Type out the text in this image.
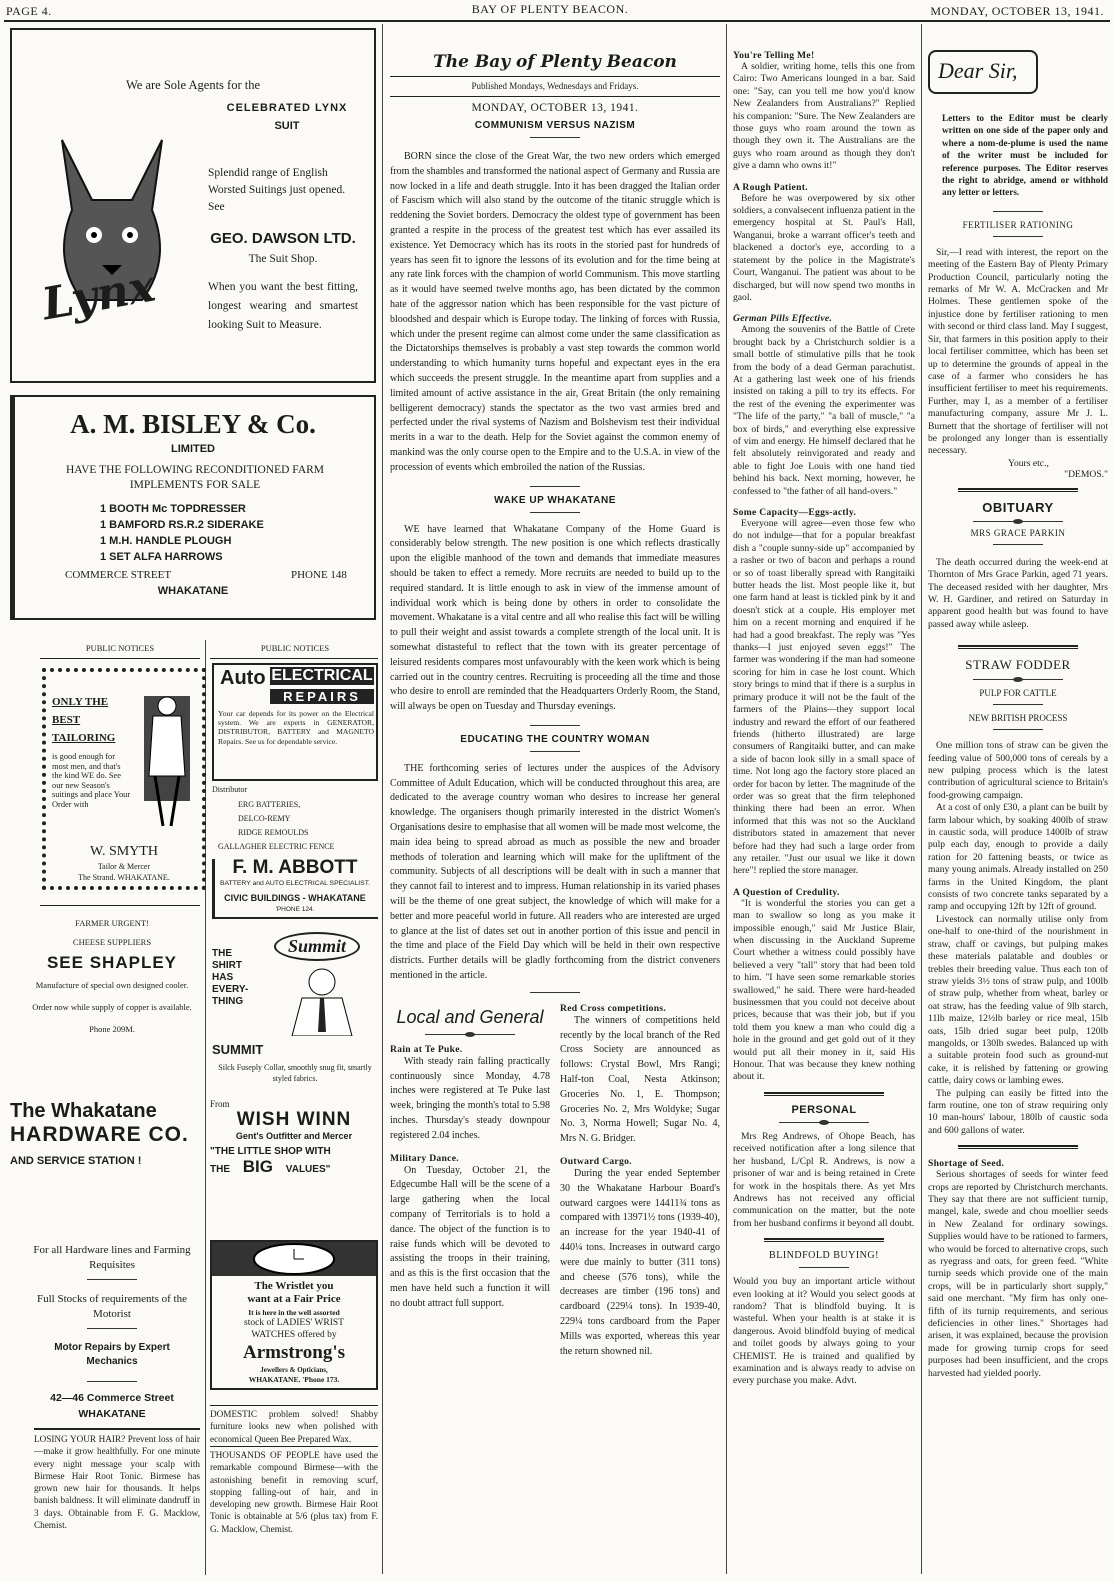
PAGE 4.	BAY OF PLENTY BEACON.	MONDAY, OCTOBER 13, 1941.
We are Sole Agents for the
CELEBRATED LYNX
SUIT
Lynx

Splendid range of English Worsted Suitings just opened. See

GEO. DAWSON LTD.
The Suit Shop.

When you want the best fitting, longest wearing and smartest looking Suit to Measure.

A. M. BISLEY & Co.
LIMITED
HAVE THE FOLLOWING RECONDITIONED FARM IMPLEMENTS FOR SALE
1 BOOTH Mc TOPDRESSER
1 BAMFORD RS.R.2 SIDERAKE
1 M.H. HANDLE PLOUGH
1 SET ALFA HARROWS
COMMERCE STREET	PHONE 148
WHAKATANE
PUBLIC NOTICES	PUBLIC NOTICES
ONLY THE
BEST
TAILORING

is good enough for most men, and that's the kind WE do. See our new Season's suitings and place Your Order with

W. SMYTH
Tailor & Mercer
The Strand. WHAKATANE.
Auto ELECTRICAL
REPAIRS

Your car depends for its power on the Electrical system. We are experts in GENERATOR, DISTRIBUTOR, BATTERY and MAGNETO Repairs. See us for dependable service.

Distributor
ERG BATTERIES,
DELCO-REMY
RIDGE REMOULDS
GALLAGHER ELECTRIC FENCE
F. M. ABBOTT
BATTERY and AUTO ELECTRICAL SPECIALIST.
CIVIC BUILDINGS - WHAKATANE
'PHONE 124.
FARMER URGENT!
CHEESE SUPPLIERS
SEE SHAPLEY
Manufacture of special own designed cooler.
Order now while supply of copper is available.
Phone 209M.
THE
SHIRT
HAS
EVERY-
THING
Summit
SUMMIT
Silck Fuseply Collar, smoothly snug fit, smartly styled fabrics.
The Whakatane
HARDWARE CO.
AND SERVICE STATION !
For all Hardware lines and Farming Requisites
Full Stocks of requirements of the Motorist
Motor Repairs by Expert Mechanics
42—46 Commerce Street
WHAKATANE

LOSING YOUR HAIR? Prevent loss of hair—make it grow healthfully. For one minute every night message your scalp with Birmese Hair Root Tonic. Birmese has grown new hair for thousands. It helps banish baldness. It will eliminate dandruff in 3 days. Obtainable from F. G. Macklow, Chemist.

From
WISH WINN
Gent's Outfitter and Mercer
"THE LITTLE SHOP WITH
THE BIG VALUES"
The Wristlet you
want at a Fair Price
It is here in the well assorted
stock of LADIES' WRIST
WATCHES offered by
Armstrong's
Jewellers & Opticians,
WHAKATANE. 'Phone 173.

DOMESTIC problem solved! Shabby furniture looks new when polished with economical Queen Bee Prepared Wax.

THOUSANDS OF PEOPLE have used the remarkable compound Birmese—with the astonishing benefit in removing scurf, stopping falling-out of hair, and in developing new growth. Birmese Hair Root Tonic is obtainable at 5/6 (plus tax) from F. G. Macklow, Chemist.

The Bay of Plenty Beacon
Published Mondays, Wednesdays and Fridays.
MONDAY, OCTOBER 13, 1941.
COMMUNISM VERSUS NAZISM

BORN since the close of the Great War, the two new orders which emerged from the shambles and transformed the national aspect of Germany and Russia are now locked in a life and death struggle. Into it has been dragged the Italian order of Fascism which will also stand by the outcome of the titanic struggle which is reddening the Soviet borders. Democracy the oldest type of government has been granted a respite in the process of the greatest test which has ever assailed its existence. Yet Democracy which has its roots in the storied past for hundreds of years has seen fit to ignore the lessons of its evolution and for the time being at any rate link forces with the champion of world Communism. This move startling as it would have seemed twelve months ago, has been dictated by the common hate of the aggressor nation which has been responsible for the vast picture of bloodshed and despair which is Europe today. The linking of forces with Russia, which under the present regime can almost come under the same classification as the Dictatorships themselves is probably a vast step towards the common world understanding to which humanity turns hopeful and expectant eyes in the era which succeeds the present struggle. In the meantime apart from supplies and a limited amount of active assistance in the air, Great Britain (the only remaining belligerent democracy) stands the spectator as the two vast armies bred and perfected under the rival systems of Nazism and Bolshevism test their individual merits in a war to the death. Help for the Soviet against the common enemy of mankind was the only course open to the Empire and to the U.S.A. in view of the procession of events which embroiled the nation of the Russias.

WAKE UP WHAKATANE

WE have learned that Whakatane Company of the Home Guard is considerably below strength. The new position is one which reflects drastically upon the eligible manhood of the town and demands that immediate measures should be taken to effect a remedy. More recruits are needed to build up to the required standard. It is little enough to ask in view of the immense amount of individual work which is being done by others in order to consolidate the movement. Whakatane is a vital centre and all who realise this fact will be willing to pull their weight and assist towards a complete strength of the local unit. It is somewhat distasteful to reflect that the town with its greater percentage of leisured residents compares most unfavourably with the keen work which is being carried out in the country centres. Recruiting is proceeding all the time and those who desire to enroll are reminded that the Headquarters Orderly Room, the Stand, will always be open on Tuesday and Thursday evenings.

EDUCATING THE COUNTRY WOMAN

THE forthcoming series of lectures under the auspices of the Advisory Committee of Adult Education, which will be conducted throughout this area, are dedicated to the average country woman who desires to increase her general knowledge. The organisers though primarily interested in the district Women's Organisations desire to emphasise that all women will be made most welcome, the main idea being to spread abroad as much as possible the new and broader methods of toleration and learning which will make for the upliftment of the community. Subjects of all descriptions will be dealt with in such a manner that they cannot fail to interest and to impress. Human relationship in its varied phases will be the theme of one great subject, the knowledge of which will make for a better and more peaceful world in future. All readers who are interested are urged to glance at the list of dates set out in another portion of this issue and pencil in the time and place of the Field Day which will be held in their own respective districts. Further details will be gladly forthcoming from the district conveners mentioned in the article.

Local and General
Rain at Te Puke.

With steady rain falling practically continuously since Monday, 4.78 inches were registered at Te Puke last week, bringing the month's total to 5.98 inches. Thursday's steady downpour registered 2.04 inches.

Military Dance.

On Tuesday, October 21, the Edgecumbe Hall will be the scene of a large gathering when the local company of Territorials is to hold a dance. The object of the function is to raise funds which will be devoted to assisting the troops in their training, and as this is the first occasion that the men have held such a function it will no doubt attract full support.

Red Cross competitions.

The winners of competitions held recently by the local branch of the Red Cross Society are announced as follows: Crystal Bowl, Mrs Rangi; Half-ton Coal, Nesta Atkinson; Groceries No. 1, E. Thompson; Groceries No. 2, Mrs Woldyke; Sugar No. 3, Norma Howell; Sugar No. 4, Mrs N. G. Bridger.

Outward Cargo.

During the year ended September 30 the Whakatane Harbour Board's outward cargoes were 14411¾ tons as compared with 13971½ tons (1939-40), an increase for the year 1940-41 of 440¼ tons. Increases in outward cargo were due mainly to butter (311 tons) and cheese (576 tons), while the decreases are timber (196 tons) and cardboard (229¼ tons). In 1939-40, 229¼ tons cardboard from the Paper Mills was exported, whereas this year the return showned nil.

You're Telling Me!

A soldier, writing home, tells this one from Cairo: Two Americans lounged in a bar. Said one: "Say, can you tell me how you'd know New Zealanders from Australians?" Replied his companion: "Sure. The New Zealanders are those guys who roam around the town as though they own it. The Australians are the guys who roam around as though they don't give a damn who owns it!"

A Rough Patient.

Before he was overpowered by six other soldiers, a convalsecent influenza patient in the emergency hospital at St. Paul's Hall, Wanganui, broke a warrant officer's teeth and blackened a doctor's eye, according to a statement by the police in the Magistrate's Court, Wanganui. The patient was about to be discharged, but will now spend two months in gaol.

German Pills Effective.

Among the souvenirs of the Battle of Crete brought back by a Christchurch soldier is a small bottle of stimulative pills that he took from the body of a dead German parachutist. At a gathering last week one of his friends insisted on taking a pill to try its effects. For the rest of the evening the experimenter was "The life of the party," "a ball of muscle," "a box of birds," and everything else expressive of vim and energy. He himself declared that he felt absolutely reinvigorated and ready and able to fight Joe Louis with one hand tied behind his back. Next morning, however, he confessed to "the father of all hand-overs."

Some Capacity—Eggs-actly.

Everyone will agree—even those few who do not indulge—that for a popular breakfast dish a "couple sunny-side up" accompanied by a rasher or two of bacon and perhaps a round or so of toast liberally spread with Rangitaiki butter heads the list. Most people like it, but one farm hand at least is tickled pink by it and doesn't stick at a couple. His employer met him on a recent morning and enquired if he had had a good breakfast. The reply was "Yes thanks—I just enjoyed seven eggs!" The farmer was wondering if the man had someone scoring for him in case he lost count. Which story brings to mind that if there is a surplus in primary produce it will not be the fault of the farmers of the Plains—they support local industry and reward the effort of our feathered friends (hitherto illustrated) are large consumers of Rangitaiki butter, and can make a side of bacon look silly in a small space of time. Not long ago the factory store placed an order for bacon by letter. The magnitude of the order was so great that the firm telephoned thinking there had been an error. When informed that this was not so the Auckland distributors stated in amazement that never before had they had such a large order from any retailer. "Just our usual we like it down here"! replied the store manager.

A Question of Credulity.

"It is wonderful the stories you can get a man to swallow so long as you make it impossible enough," said Mr Justice Blair, when discussing in the Auckland Supreme Court whether a witness could possibly have believed a very "tall" story that had been told to him. "I have seen some remarkable stories swallowed," he said. There were hard-headed businessmen that you could not deceive about prices, because that was their job, but if you told them you knew a man who could dig a hole in the ground and get gold out of it they would put all their money in it, said His Honour. That was because they knew nothing about it.

PERSONAL

Mrs Reg Andrews, of Ohope Beach, has received notification after a long silence that her husband, L/Cpl R. Andrews, is now a prisoner of war and is being retained in Crete for work in the hospitals there. As yet Mrs Andrews has not received any official communication on the matter, but the note from her husband confirms it beyond all doubt.

BLINDFOLD BUYING!

Would you buy an important article without even looking at it? Would you select goods at random? That is blindfold buying. It is wasteful. When your health is at stake it is dangerous. Avoid blindfold buying of medical and toilet goods by always going to your CHEMIST. He is trained and qualified by examination and is always ready to advise on every purchase you make. Advt.

Dear Sir,

Letters to the Editor must be clearly written on one side of the paper only and where a nom-de-plume is used the name of the writer must be included for reference purposes. The Editor reserves the right to abridge, amend or withhold any letter or letters.

FERTILISER RATIONING

Sir,—I read with interest, the report on the meeting of the Eastern Bay of Plenty Primary Production Council, particularly noting the remarks of Mr W. A. McCracken and Mr Holmes. These gentlemen spoke of the injustice done by fertiliser rationing to men with second or third class land. May I suggest, Sir, that farmers in this position apply to their local fertiliser committee, which has been set up to determine the grounds of appeal in the case of a farmer who considers he has insufficient fertiliser to meet his requirements. Further, may I, as a member of a fertiliser manufacturing company, assure Mr J. L. Burnett that the shortage of fertiliser will not be prolonged any longer than is essentially necessary.

Yours etc.,
"DEMOS."
OBITUARY
MRS GRACE PARKIN

The death occurred during the week-end at Thornton of Mrs Grace Parkin, aged 71 years. The deceased resided with her daughter, Mrs W. H. Gardiner, and retired on Saturday in apparent good health but was found to have passed away while asleep.

STRAW FODDER
PULP FOR CATTLE
NEW BRITISH PROCESS

One million tons of straw can be given the feeding value of 500,000 tons of cereals by a new pulping process which is the latest contribution of agricultural science to Britain's food-growing campaign.

At a cost of only £30, a plant can be built by farm labour which, by soaking 400lb of straw in caustic soda, will produce 1400lb of straw pulp each day, enough to provide a daily ration for 20 fattening beasts, or twice as many young animals. Already installed on 250 farms in the United Kingdom, the plant consists of two concrete tanks separated by a ramp and occupying 12ft by 12ft of ground.

Livestock can normally utilise only from one-half to one-third of the nourishment in straw, chaff or cavings, but pulping makes these materials palatable and doubles or trebles their breeding value. Thus each ton of straw yields 3½ tons of straw pulp, and 100lb of straw pulp, whether from wheat, barley or oat straw, has the feeding value of 9lb starch, 11lb maize, 12½lb barley or rice meal, 15lb oats, 15lb dried sugar beet pulp, 120lb mangolds, or 130lb swedes. Balanced up with a suitable protein food such as ground-nut cake, it is relished by fattening or growing cattle, dairy cows or lambing ewes.

The pulping can easily be fitted into the farm routine, one ton of straw requiring only 10 man-hours' labour, 180lb of caustic soda and 600 gallons of water.

Shortage of Seed.

Serious shortages of seeds for winter feed crops are reported by Christchurch merchants. They say that there are not sufficient turnip, mangel, kale, swede and chou moellier seeds in New Zealand for ordinary sowings. Supplies would have to be rationed to farmers, who would be forced to alternative crops, such as ryegrass and oats, for green feed. "White turnip seeds which provide one of the main crops, will be in particularly short supply," said one merchant. "My firm has only one-fifth of its turnip requirements, and serious deficiencies in other lines." Shortages had arisen, it was explained, because the provision made for growing turnip crops for seed purposes had been insufficient, and the crops harvested had yielded poorly.
